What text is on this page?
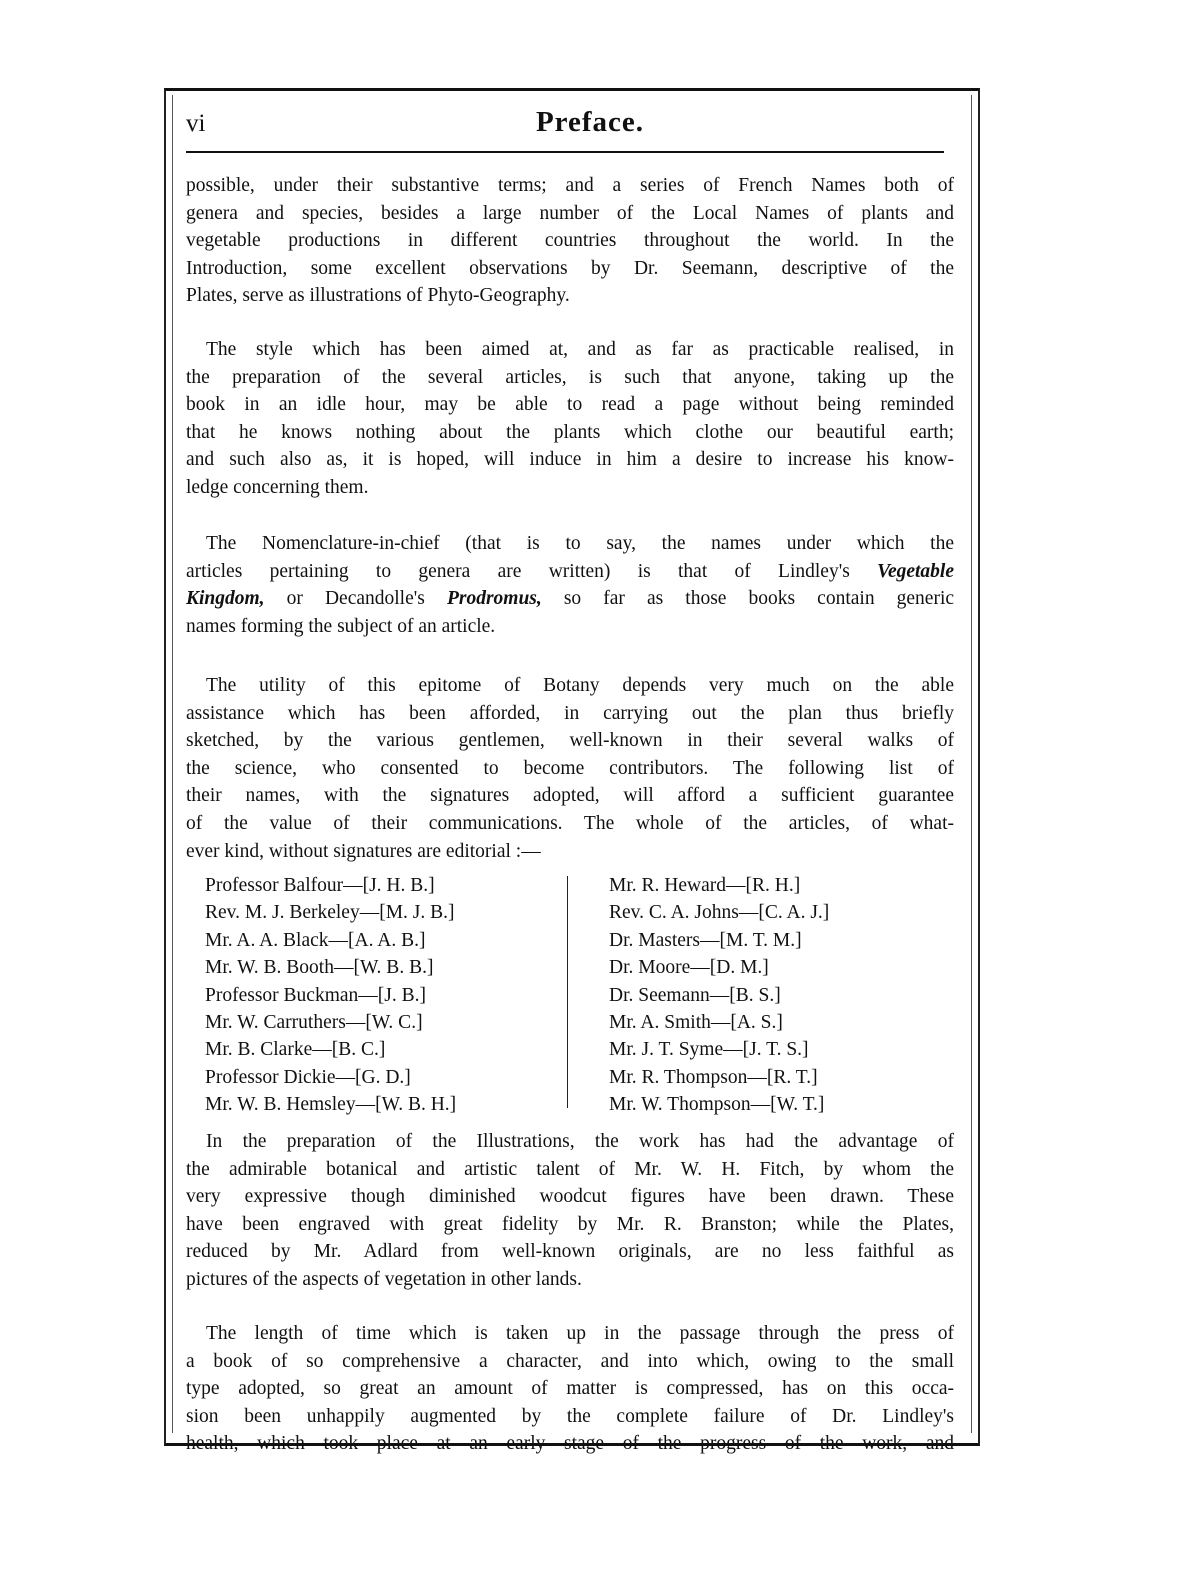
vi	Preface.
possible, under their substantive terms; and a series of French Names both of
genera and species, besides a large number of the Local Names of plants and
vegetable productions in different countries throughout the world. In the
Introduction, some excellent observations by Dr. Seemann, descriptive of the
Plates, serve as illustrations of Phyto-Geography.
The style which has been aimed at, and as far as practicable realised, in
the preparation of the several articles, is such that anyone, taking up the
book in an idle hour, may be able to read a page without being reminded
that he knows nothing about the plants which clothe our beautiful earth;
and such also as, it is hoped, will induce in him a desire to increase his know-
ledge concerning them.
The Nomenclature-in-chief (that is to say, the names under which the
articles pertaining to genera are written) is that of Lindley's Vegetable
Kingdom, or Decandolle's Prodromus, so far as those books contain generic
names forming the subject of an article.
The utility of this epitome of Botany depends very much on the able
assistance which has been afforded, in carrying out the plan thus briefly
sketched, by the various gentlemen, well-known in their several walks of
the science, who consented to become contributors. The following list of
their names, with the signatures adopted, will afford a sufficient guarantee
of the value of their communications. The whole of the articles, of what-
ever kind, without signatures are editorial :—
Professor Balfour—[J. H. B.]
Rev. M. J. Berkeley—[M. J. B.]
Mr. A. A. Black—[A. A. B.]
Mr. W. B. Booth—[W. B. B.]
Professor Buckman—[J. B.]
Mr. W. Carruthers—[W. C.]
Mr. B. Clarke—[B. C.]
Professor Dickie—[G. D.]
Mr. W. B. Hemsley—[W. B. H.]
Mr. R. Heward—[R. H.]
Rev. C. A. Johns—[C. A. J.]
Dr. Masters—[M. T. M.]
Dr. Moore—[D. M.]
Dr. Seemann—[B. S.]
Mr. A. Smith—[A. S.]
Mr. J. T. Syme—[J. T. S.]
Mr. R. Thompson—[R. T.]
Mr. W. Thompson—[W. T.]
In the preparation of the Illustrations, the work has had the advantage of
the admirable botanical and artistic talent of Mr. W. H. Fitch, by whom the
very expressive though diminished woodcut figures have been drawn. These
have been engraved with great fidelity by Mr. R. Branston; while the Plates,
reduced by Mr. Adlard from well-known originals, are no less faithful as
pictures of the aspects of vegetation in other lands.
The length of time which is taken up in the passage through the press of
a book of so comprehensive a character, and into which, owing to the small
type adopted, so great an amount of matter is compressed, has on this occa-
sion been unhappily augmented by the complete failure of Dr. Lindley's
health, which took place at an early stage of the progress of the work, and
